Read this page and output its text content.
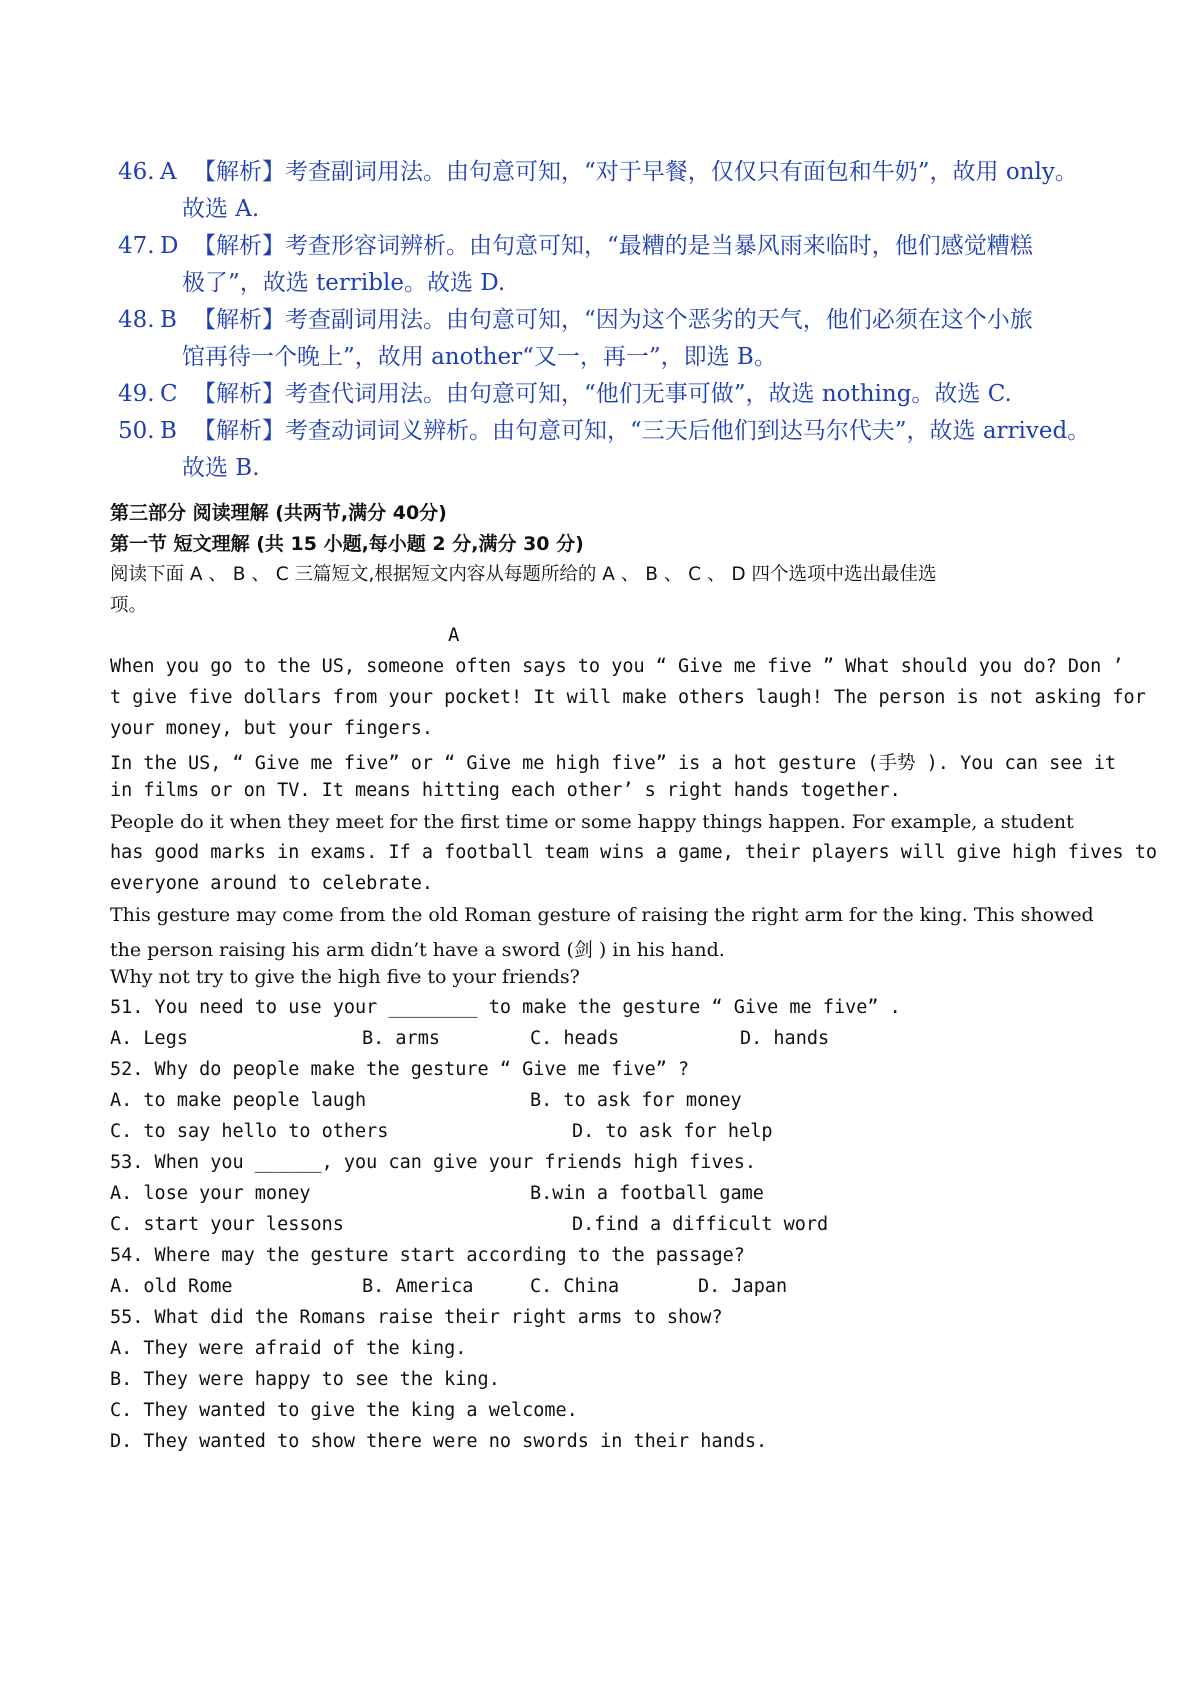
46. A 【解析】考查副词用法。由句意可知，“对于早餐，仅仅只有面包和牛奶”，故用 only。
故选 A.
47. D 【解析】考查形容词辨析。由句意可知，“最糟的是当暴风雨来临时，他们感觉糟糕
极了”，故选 terrible。故选 D.
48. B 【解析】考查副词用法。由句意可知，“因为这个恶劣的天气，他们必须在这个小旅
馆再待一个晚上”，故用 another“又一，再一”，即选 B。
49. C 【解析】考查代词用法。由句意可知，“他们无事可做”，故选 nothing。故选 C.
50. B 【解析】考查动词词义辨析。由句意可知，“三天后他们到达马尔代夫”，故选 arrived。
故选 B.
第三部分 阅读理解 (共两节,满分 40分)
第一节 短文理解 (共 15 小题,每小题 2 分,满分 30 分)
阅读下面 A 、 B 、 C 三篇短文,根据短文内容从每题所给的 A 、 B 、 C 、 D 四个选项中选出最佳选
项。
A
When you go to the US, someone often says to you “ Give me five ” What should you do? Don ’
t give five dollars from your pocket! It will make others laugh! The person is not asking for
your money, but your fingers.
In the US, “ Give me five” or “ Give me high five” is a hot gesture (手势 ). You can see it
in films or on TV. It means hitting each other’ s right hands together.
People do it when they meet for the first time or some happy things happen. For example, a student
has good marks in exams. If a football team wins a game, their players will give high fives to
everyone around to celebrate.
This gesture may come from the old Roman gesture of raising the right arm for the king. This showed
the person raising his arm didn’t have a sword (剑 ) in his hand.
Why not try to give the high five to your friends?
51. You need to use your ________ to make the gesture “ Give me five” .
A. Legs	B. arms	C. heads	D. hands
52. Why do people make the gesture “ Give me five” ?
A. to make people laugh	B. to ask for money
C. to say hello to others	D. to ask for help
53. When you ______, you can give your friends high fives.
A. lose your money	B.win a football game
C. start your lessons	D.find a difficult word
54. Where may the gesture start according to the passage?
A. old Rome	B. America	C. China	D. Japan
55. What did the Romans raise their right arms to show?
A. They were afraid of the king.
B. They were happy to see the king.
C. They wanted to give the king a welcome.
D. They wanted to show there were no swords in their hands.
